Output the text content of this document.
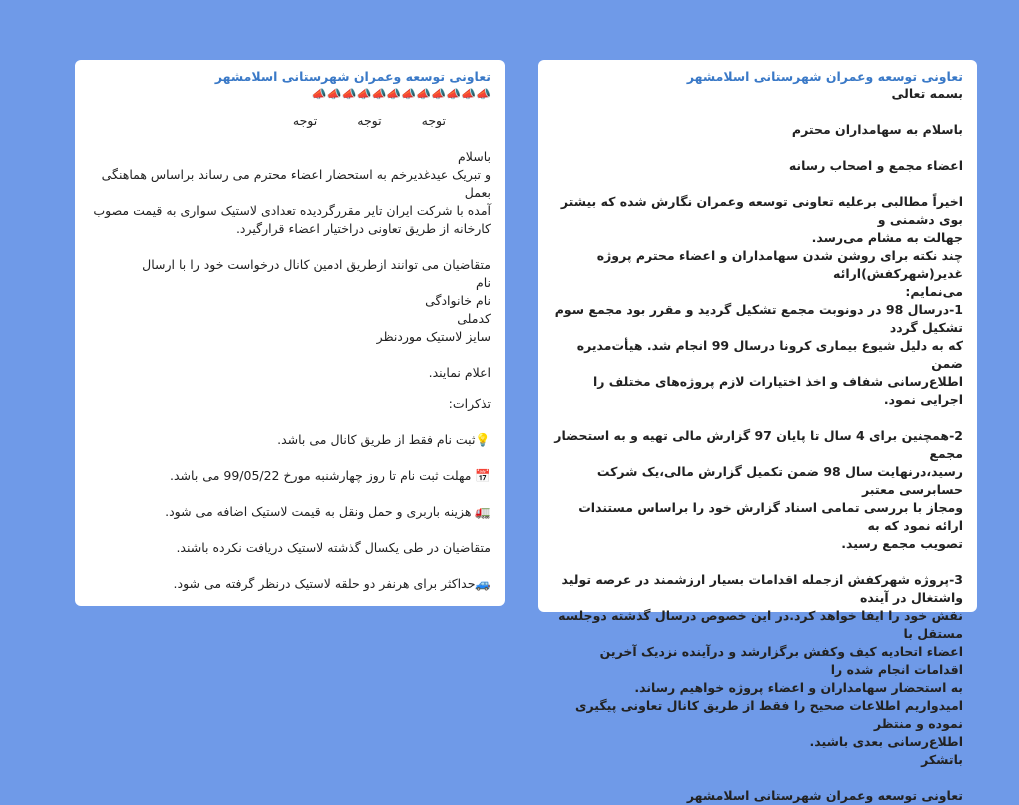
تعاونی توسعه وعمران شهرستانی اسلامشهر
📣📣📣📣📣📣📣📣📣📣📣📣
توجه
توجه
توجه

باسلام

و تبریک عیدغدیرخم به استحضار اعضاء محترم می رساند براساس هماهنگی بعمل

آمده با شرکت ایران تایر مقررگردیده تعدادی لاستیک سواری به قیمت مصوب

کارخانه از طریق تعاونی دراختیار اعضاء قرارگیرد.

متقاضیان می توانند ازطریق ادمین کانال درخواست خود را با ارسال

نام

نام خانوادگی

کدملی

سایز لاستیک موردنظر

اعلام نمایند.

تذکرات:

💡ثبت نام فقط از طریق کانال می باشد.

📅 مهلت ثبت نام تا روز چهارشنبه مورخ 99/05/22 می باشد.

🚛 هزینه باربری و حمل ونقل به قیمت لاستیک اضافه می شود.

متقاضیان در طی یکسال گذشته لاستیک دریافت نکرده باشند.

🚙حداکثر برای هرنفر دو حلقه لاستیک درنظر گرفته می شود.

تعاونی توسعه وعمران شهرستانی اسلامشهر

بسمه تعالی

باسلام به سهامداران محترم

اعضاء مجمع و اصحاب رسانه

اخیراً مطالبی برعلیه تعاونی توسعه وعمران نگارش شده که بیشتر بوی دشمنی و

جهالت به مشام می‌رسد.

چند نکته برای روشن شدن سهامداران و اعضاء محترم پروژه غدیر(شهرکفش)ارائه

می‌نمایم:

1-درسال 98 در دونوبت مجمع تشکیل گردید و مقرر بود مجمع سوم تشکیل گردد

که به دلیل شیوع بیماری کرونا درسال 99 انجام شد. هیأت‌مدیره ضمن

اطلاع‌رسانی شفاف و اخذ اختیارات لازم پروژه‌های مختلف را اجرایی نمود.

2-همچنین برای 4 سال تا پایان 97 گزارش مالی تهیه و به استحضار مجمع

رسید،درنهایت سال 98 ضمن تکمیل گزارش مالی،یک شرکت حسابرسی معتبر

ومجاز با بررسی تمامی اسناد گزارش خود را براساس مستندات ارائه نمود که به

تصویب مجمع رسید.

3-پروژه شهرکفش ازجمله اقدامات بسیار ارزشمند در عرصه تولید واشتغال در آینده

نقش خود را ایفا خواهد کرد.در این خصوص درسال گذشته دوجلسه مستقل با

اعضاء اتحادیه کیف وکفش برگزارشد و درآینده نزدیک آخرین اقدامات انجام شده را

به استحضار سهامداران و اعضاء پروژه خواهیم رساند.

امیدواریم اطلاعات صحیح را فقط از طریق کانال تعاونی پیگیری نموده و منتظر

اطلاع‌رسانی بعدی باشید.

باتشکر

تعاونی توسعه وعمران شهرستانی اسلامشهر
